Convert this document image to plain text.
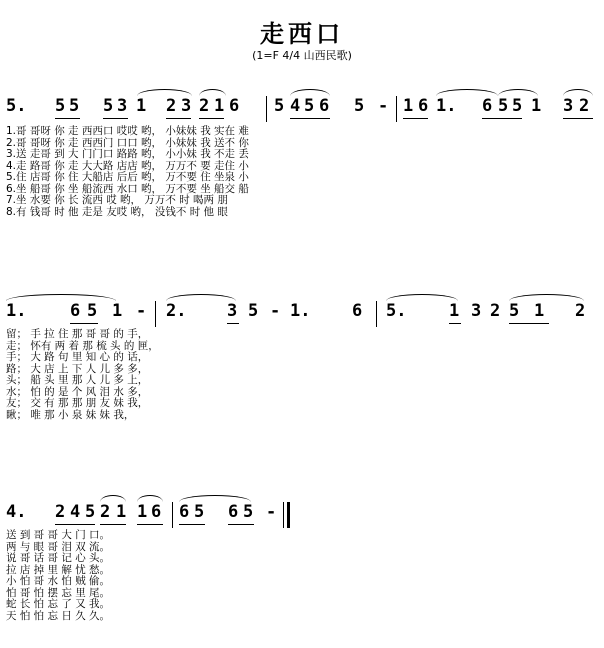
走西口
(1=F 4/4 山西民歌)
5. 5 5 5 3 1 2 3 2 1 6 5 4 5 6 5 - 1 6 1. 6 5 5 1 3 2
1.哥 哥呀 你 走 西西口 哎哎 哟， 小妹妹 我 实在 难
2.哥 哥呀 你 走 西西门 口口 哟， 小妹妹 我 送不 你
3.送 走哥 到 大 门门口 路路 哟， 小小妹 我 不走 丢
4.走 路哥 你 走 大大路 店店 哟， 万万不 要 走住 小
5.住 店哥 你 住 大船店 后后 哟， 万不要 住 坐泉 小
6.坐 船哥 你 坐 船流西 水口 哟， 万不要 坐 船交 船
7.坐 水要 你 长 流西 哎 哟， 万万不 时 喝两 朋
8.有 钱哥 时 他 走是 友哎 哟， 没钱不 时 他 眼
1.	6 5 1 - 2. 3 5 - 1. 6 5.	1 3 2 5 1 2
留； 手 拉 住 那 哥 哥 的 手，
走； 怀有 两 着 那 梳 头 的 匣，
手； 大 路 句 里 知 心 的 话，
路； 大 店 上 下 人 儿 多 多，
头； 船 头 里 那 人 儿 多 上，
水； 怕 的 是 个 风 泪 水 多，
友； 交 有 那 那 朋 友 妹 我，
瞅； 唯 那 小 泉 妹 妹 我，
4. 2 4 5 2 1 1 6 6 5 6 5 -
送 到 哥 哥 大 门 口。
两 与 眼 哥 泪 双 流。
说 哥 话 哥 记 心 头。
拉 店 掉 里 解 忧 愁。
小 怕 哥 水 怕 贼 偷。
怕 哥 怕 摆 忘 里 尾。
蛇 长 怕 忘 了 又 我。
天 怕 怕 忘 日 久 久。
